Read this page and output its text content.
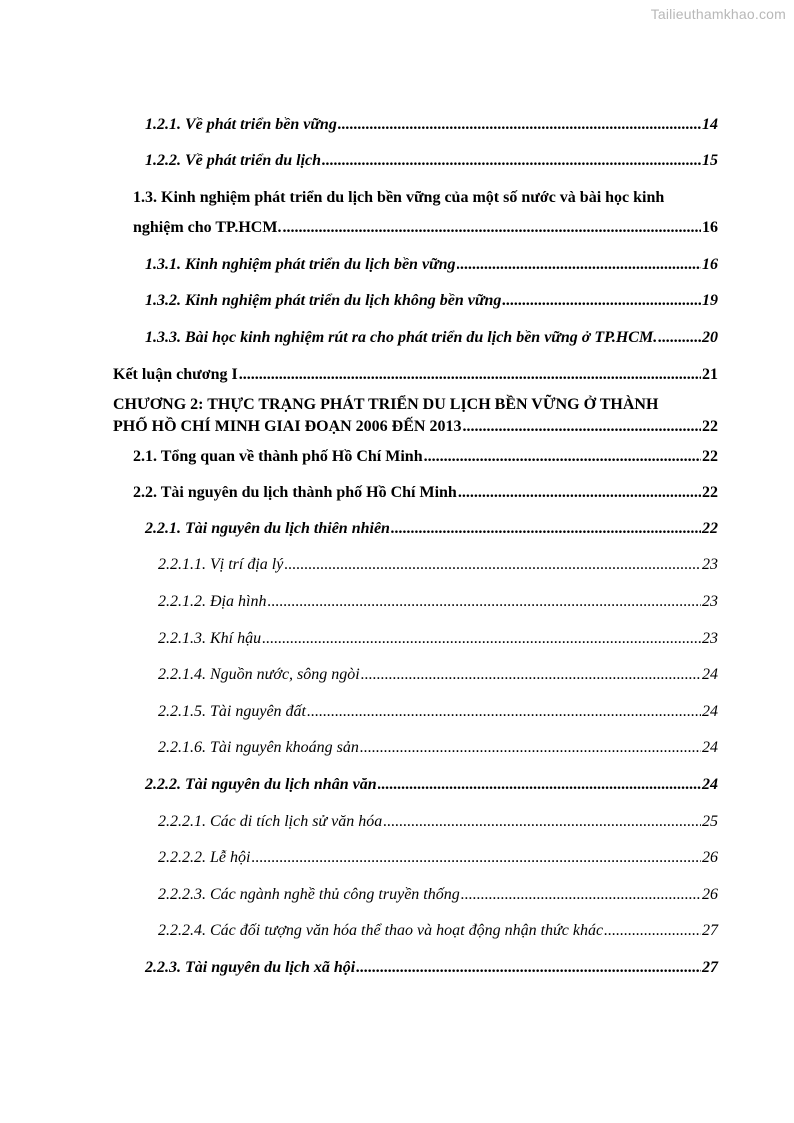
Tailieuthamkhao.com
1.2.1. Về phát triển bền vững .....	14
1.2.2. Về phát triển du lịch .....	15
1.3. Kinh nghiệm phát triển du lịch bền vững của một số nước và bài học kinh
nghiệm cho TP.HCM. .....	16
1.3.1. Kinh nghiệm phát triển du lịch bền vững .....	16
1.3.2. Kinh nghiệm phát triển du lịch không bền vững .....	19
1.3.3. Bài học kinh nghiệm rút ra cho phát triển du lịch bền vững ở TP.HCM. .....	20
Kết luận chương I .....	21
CHƯƠNG 2: THỰC TRẠNG PHÁT TRIỂN DU LỊCH BỀN VỮNG Ở THÀNH
PHỐ HỒ CHÍ MINH GIAI ĐOẠN 2006 ĐẾN 2013 .....	22
2.1. Tổng quan về thành phố Hồ Chí Minh .....	22
2.2. Tài nguyên du lịch thành phố Hồ Chí Minh .....	22
2.2.1. Tài nguyên du lịch thiên nhiên .....	22
2.2.1.1. Vị trí địa lý .....	23
2.2.1.2. Địa hình .....	23
2.2.1.3. Khí hậu .....	23
2.2.1.4. Nguồn nước, sông ngòi .....	24
2.2.1.5. Tài nguyên đất .....	24
2.2.1.6. Tài nguyên khoáng sản .....	24
2.2.2. Tài nguyên du lịch nhân văn .....	24
2.2.2.1. Các di tích lịch sử văn hóa .....	25
2.2.2.2. Lễ hội .....	26
2.2.2.3. Các ngành nghề thủ công truyền thống .....	26
2.2.2.4. Các đối tượng văn hóa thể thao và hoạt động nhận thức khác .....	27
2.2.3. Tài nguyên du lịch xã hội .....	27
